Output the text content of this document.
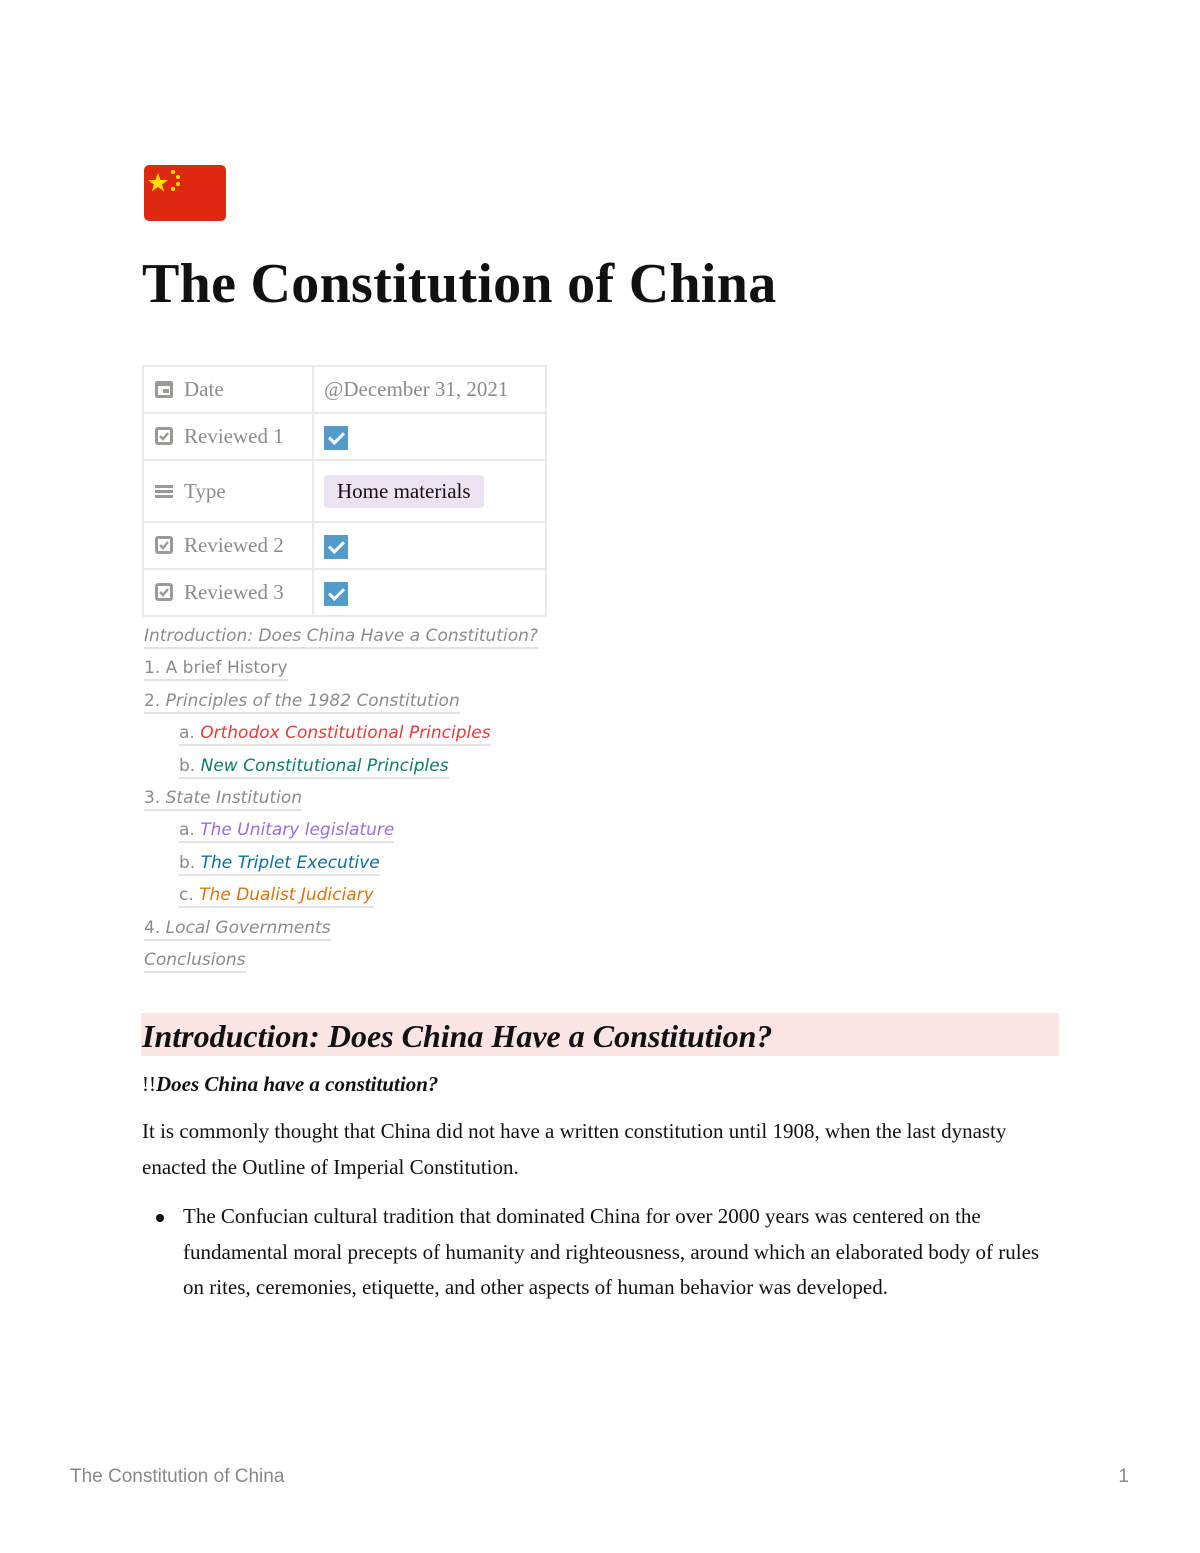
The Constitution of China
Date	@December 31, 2021
Reviewed 1	
Type	Home materials
Reviewed 2	
Reviewed 3	
Introduction: Does China Have a Constitution?
1. A brief History
2. Principles of the 1982 Constitution
a. Orthodox Constitutional Principles
b. New Constitutional Principles
3. State Institution
a. The Unitary legislature
b. The Triplet Executive
c. The Dualist Judiciary
4. Local Governments
Conclusions
Introduction: Does China Have a Constitution?
!!Does China have a constitution?
It is commonly thought that China did not have a written constitution until 1908, when the last dynasty enacted the Outline of Imperial Constitution.
The Confucian cultural tradition that dominated China for over 2000 years was centered on the fundamental moral precepts of humanity and righteousness, around which an elaborated body of rules on rites, ceremonies, etiquette, and other aspects of human behavior was developed.
The Constitution of China	1
